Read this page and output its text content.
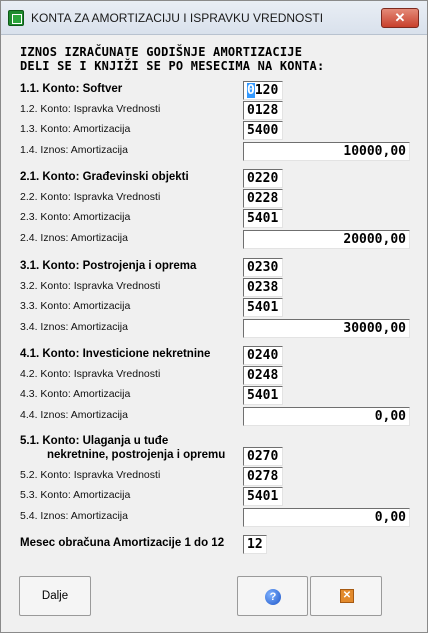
KONTA ZA AMORTIZACIJU I ISPRAVKU VREDNOSTI	✕
IZNOS IZRAČUNATE GODIŠNJE AMORTIZACIJE
DELI SE I KNJIŽI SE PO MESECIMA NA KONTA:
1.1. Konto: Softver	0120
1.2. Konto: Ispravka Vrednosti	0128
1.3. Konto: Amortizacija	5400
1.4. Iznos: Amortizacija	10000,00
2.1. Konto: Građevinski objekti	0220
2.2. Konto: Ispravka Vrednosti	0228
2.3. Konto: Amortizacija	5401
2.4. Iznos: Amortizacija	20000,00
3.1. Konto: Postrojenja i oprema	0230
3.2. Konto: Ispravka Vrednosti	0238
3.3. Konto: Amortizacija	5401
3.4. Iznos: Amortizacija	30000,00
4.1. Konto: Investicione nekretnine	0240
4.2. Konto: Ispravka Vrednosti	0248
4.3. Konto: Amortizacija	5401
4.4. Iznos: Amortizacija	0,00
5.1. Konto: Ulaganja u tuđe
nekretnine, postrojenja i opremu	0270
5.2. Konto: Ispravka Vrednosti	0278
5.3. Konto: Amortizacija	5401
5.4. Iznos: Amortizacija	0,00
Mesec obračuna Amortizacije 1 do 12	12
Dalje	?	✕
